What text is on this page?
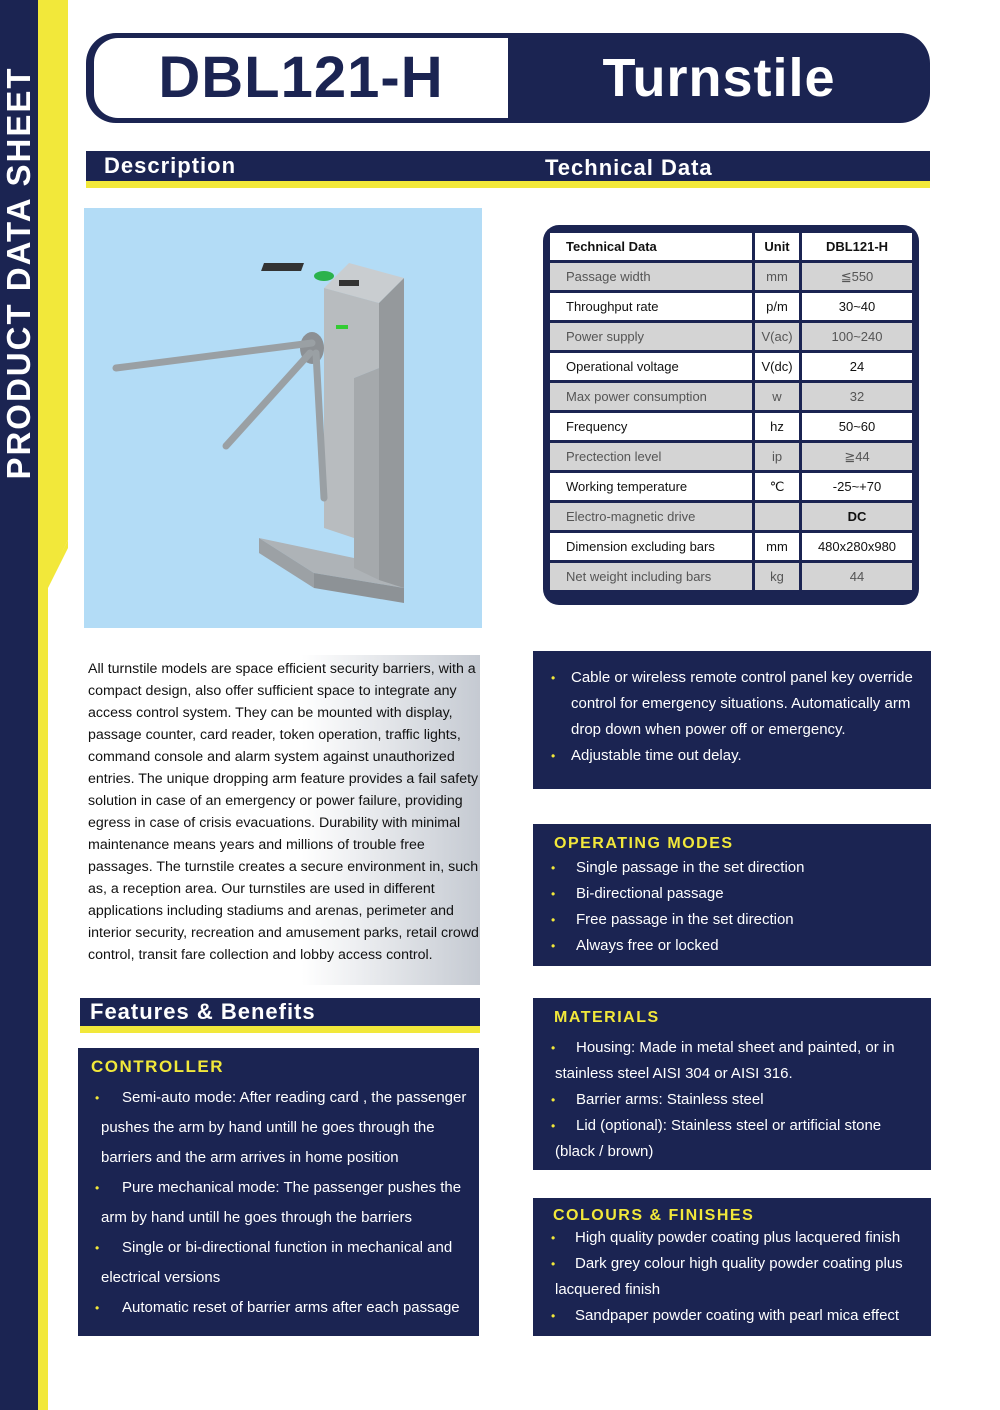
PRODUCT DATA SHEET	DBL121-H	Turnstile
Description	Technical Data
Technical Data	Unit	DBL121-H
Passage width	mm	≦550
Throughput rate	p/m	30~40
Power supply	V(ac)	100~240
Operational voltage	V(dc)	24
Max power consumption	w	32
Frequency	hz	50~60
Prectection level	ip	≧44
Working temperature	℃	-25~+70
Electro-magnetic drive		DC
Dimension excluding bars	mm	480x280x980
Net weight including bars	kg	44
All turnstile models are space efficient security barriers, with a compact design, also offer sufficient space to integrate any access control system. They can be mounted with display, passage counter, card reader, token operation, traffic lights, command console and alarm system against unauthorized entries. The unique dropping arm feature provides a fail safety solution in case of an emergency or power failure, providing egress in case of crisis evacuations. Durability with minimal maintenance means years and millions of trouble free passages. The turnstile creates a secure environment in, such as, a reception area. Our turnstiles are used in different applications including stadiums and arenas, perimeter and interior security, recreation and amusement parks, retail crowd control, transit fare collection and lobby access control.
•	Cable or wireless remote control panel key override control for emergency situations. Automatically arm drop down when power off or emergency.
•	Adjustable time out delay.
OPERATING MODES
• Single passage in the set direction
• Bi-directional passage
• Free passage in the set direction
• Always free or locked
MATERIALS
•	Housing: Made in metal sheet and painted, or in stainless steel AISI 304 or AISI 316.
•	Barrier arms: Stainless steel
•	Lid (optional): Stainless steel or artificial stone (black / brown)
COLOURS & FINISHES
•	High quality powder coating plus lacquered finish
•	Dark grey colour high quality powder coating plus lacquered finish
•	Sandpaper powder coating with pearl mica effect
Features & Benefits
CONTROLLER
•	Semi-auto mode: After reading card , the passenger pushes the arm by hand untill he goes through the barriers and the arm arrives in home position
•	Pure mechanical mode: The passenger pushes the arm by hand untill he goes through the barriers
•	Single or bi-directional function in mechanical and electrical versions
•	Automatic reset of barrier arms after each passage
